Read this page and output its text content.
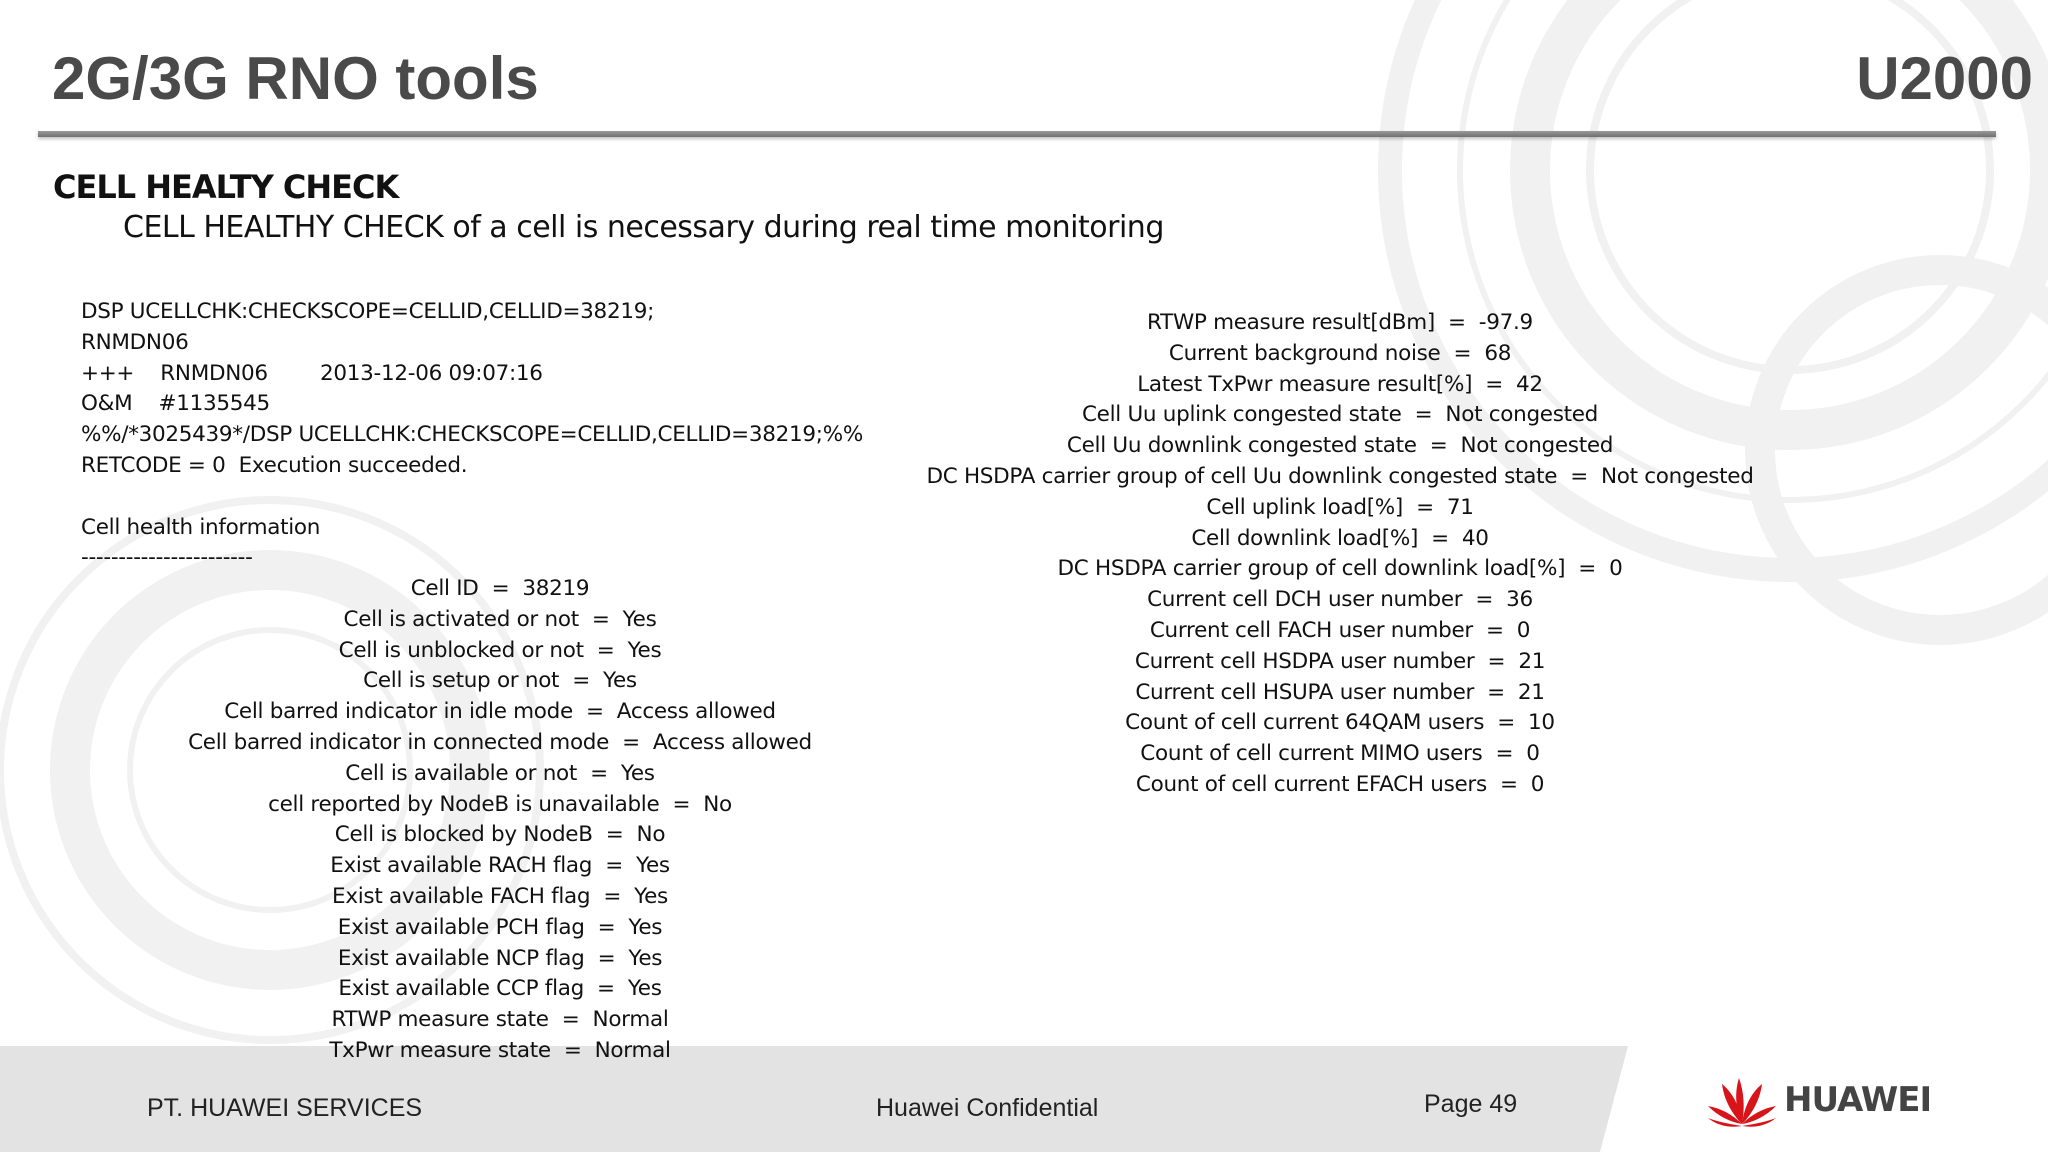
2G/3G RNO tools	U2000
CELL HEALTY CHECK
CELL HEALTHY CHECK of a cell is necessary during real time monitoring
DSP UCELLCHK:CHECKSCOPE=CELLID,CELLID=38219;
RNMDN06
+++    RNMDN06        2013-12-06 09:07:16
O&M    #1135545
%%/*3025439*/DSP UCELLCHK:CHECKSCOPE=CELLID,CELLID=38219;%%
RETCODE = 0  Execution succeeded.

Cell health information
-----------------------
Cell ID  =  38219
Cell is activated or not  =  Yes
Cell is unblocked or not  =  Yes
Cell is setup or not  =  Yes
Cell barred indicator in idle mode  =  Access allowed
Cell barred indicator in connected mode  =  Access allowed
Cell is available or not  =  Yes
cell reported by NodeB is unavailable  =  No
Cell is blocked by NodeB  =  No
Exist available RACH flag  =  Yes
Exist available FACH flag  =  Yes
Exist available PCH flag  =  Yes
Exist available NCP flag  =  Yes
Exist available CCP flag  =  Yes
RTWP measure state  =  Normal
TxPwr measure state  =  Normal
RTWP measure result[dBm]  =  -97.9
Current background noise  =  68
Latest TxPwr measure result[%]  =  42
Cell Uu uplink congested state  =  Not congested
Cell Uu downlink congested state  =  Not congested
DC HSDPA carrier group of cell Uu downlink congested state  =  Not congested
Cell uplink load[%]  =  71
Cell downlink load[%]  =  40
DC HSDPA carrier group of cell downlink load[%]  =  0
Current cell DCH user number  =  36
Current cell FACH user number  =  0
Current cell HSDPA user number  =  21
Current cell HSUPA user number  =  21
Count of cell current 64QAM users  =  10
Count of cell current MIMO users  =  0
Count of cell current EFACH users  =  0
PT. HUAWEI SERVICES	Huawei Confidential	Page 49	HUAWEI
